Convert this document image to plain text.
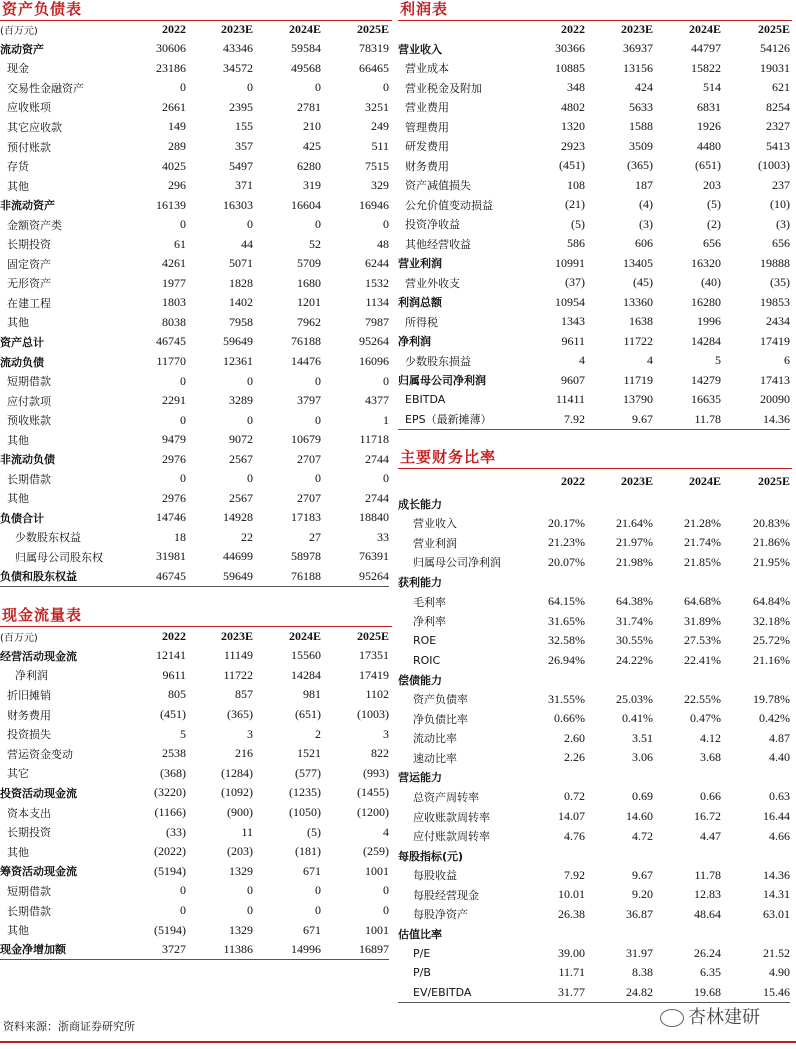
资产负债表
(百万元)	2022	2023E	2024E	2025E
流动资产	30606	43346	59584	78319
现金	23186	34572	49568	66465
交易性金融资产	0	0	0	0
应收账项	2661	2395	2781	3251
其它应收款	149	155	210	249
预付账款	289	357	425	511
存货	4025	5497	6280	7515
其他	296	371	319	329
非流动资产	16139	16303	16604	16946
金额资产类	0	0	0	0
长期投资	61	44	52	48
固定资产	4261	5071	5709	6244
无形资产	1977	1828	1680	1532
在建工程	1803	1402	1201	1134
其他	8038	7958	7962	7987
资产总计	46745	59649	76188	95264
流动负债	11770	12361	14476	16096
短期借款	0	0	0	0
应付款项	2291	3289	3797	4377
预收账款	0	0	0	1
其他	9479	9072	10679	11718
非流动负债	2976	2567	2707	2744
长期借款	0	0	0	0
其他	2976	2567	2707	2744
负债合计	14746	14928	17183	18840
少数股东权益	18	22	27	33
归属母公司股东权	31981	44699	58978	76391
负债和股东权益	46745	59649	76188	95264
现金流量表
(百万元)	2022	2023E	2024E	2025E
经营活动现金流	12141	11149	15560	17351
净利润	9611	11722	14284	17419
折旧摊销	805	857	981	1102
财务费用	(451)	(365)	(651)	(1003)
投资损失	5	3	2	3
营运资金变动	2538	216	1521	822
其它	(368)	(1284)	(577)	(993)
投资活动现金流	(3220)	(1092)	(1235)	(1455)
资本支出	(1166)	(900)	(1050)	(1200)
长期投资	(33)	11	(5)	4
其他	(2022)	(203)	(181)	(259)
筹资活动现金流	(5194)	1329	671	1001
短期借款	0	0	0	0
长期借款	0	0	0	0
其他	(5194)	1329	671	1001
现金净增加额	3727	11386	14996	16897
利润表
	2022	2023E	2024E	2025E
营业收入	30366	36937	44797	54126
营业成本	10885	13156	15822	19031
营业税金及附加	348	424	514	621
营业费用	4802	5633	6831	8254
管理费用	1320	1588	1926	2327
研发费用	2923	3509	4480	5413
财务费用	(451)	(365)	(651)	(1003)
资产减值损失	108	187	203	237
公允价值变动损益	(21)	(4)	(5)	(10)
投资净收益	(5)	(3)	(2)	(3)
其他经营收益	586	606	656	656
营业利润	10991	13405	16320	19888
营业外收支	(37)	(45)	(40)	(35)
利润总额	10954	13360	16280	19853
所得税	1343	1638	1996	2434
净利润	9611	11722	14284	17419
少数股东损益	4	4	5	6
归属母公司净利润	9607	11719	14279	17413
EBITDA	11411	13790	16635	20090
EPS（最新摊薄）	7.92	9.67	11.78	14.36
主要财务比率
	2022	2023E	2024E	2025E
成长能力				
营业收入	20.17%	21.64%	21.28%	20.83%
营业利润	21.23%	21.97%	21.74%	21.86%
归属母公司净利润	20.07%	21.98%	21.85%	21.95%
获利能力				
毛利率	64.15%	64.38%	64.68%	64.84%
净利率	31.65%	31.74%	31.89%	32.18%
ROE	32.58%	30.55%	27.53%	25.72%
ROIC	26.94%	24.22%	22.41%	21.16%
偿债能力				
资产负债率	31.55%	25.03%	22.55%	19.78%
净负债比率	0.66%	0.41%	0.47%	0.42%
流动比率	2.60	3.51	4.12	4.87
速动比率	2.26	3.06	3.68	4.40
营运能力				
总资产周转率	0.72	0.69	0.66	0.63
应收账款周转率	14.07	14.60	16.72	16.44
应付账款周转率	4.76	4.72	4.47	4.66
每股指标(元)				
每股收益	7.92	9.67	11.78	14.36
每股经营现金	10.01	9.20	12.83	14.31
每股净资产	26.38	36.87	48.64	63.01
估值比率				
P/E	39.00	31.97	26.24	21.52
P/B	11.71	8.38	6.35	4.90
EV/EBITDA	31.77	24.82	19.68	15.46
资料来源：浙商证券研究所	杏林建研
